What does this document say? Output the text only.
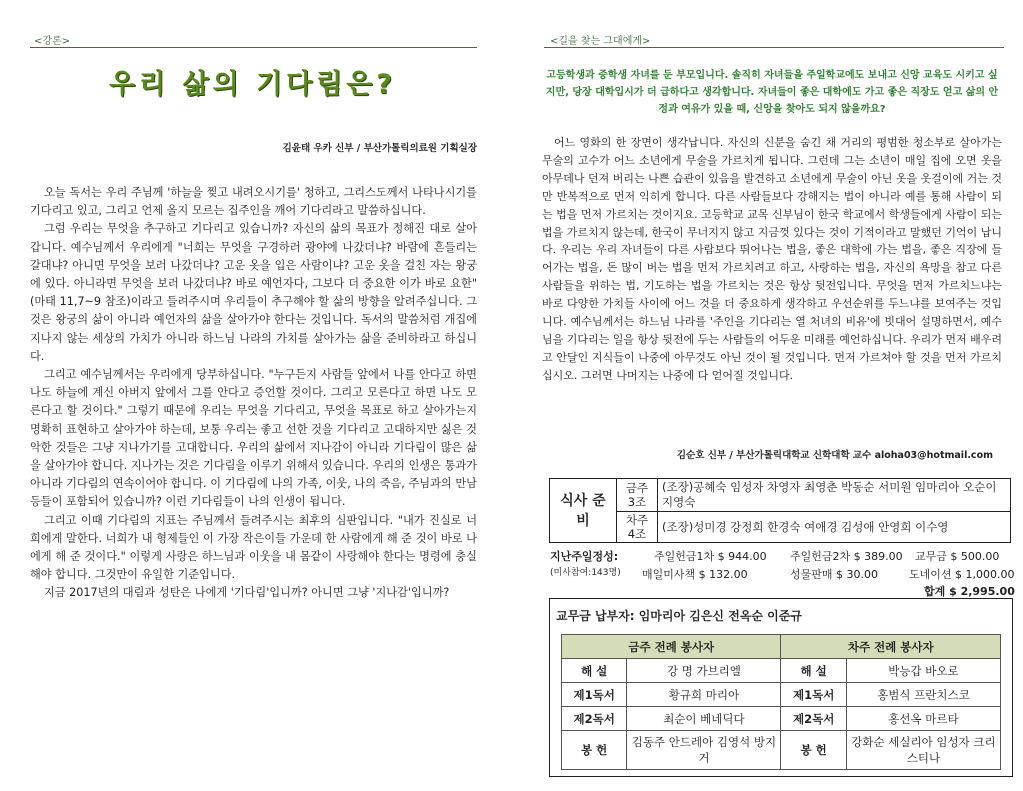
<강론>
우리 삶의 기다림은?
김윤태 우카 신부 / 부산가톨릭의료원 기획실장

오늘 독서는 우리 주님께 '하늘을 찢고 내려오시기를' 청하고, 그리스도께서 나타나시기를 기다리고 있고, 그리고 언제 올지 모르는 집주인을 깨어 기다리라고 말씀하십니다.

그럼 우리는 무엇을 추구하고 기다리고 있습니까? 자신의 삶의 목표가 정해진 대로 살아갑니다. 예수님께서 우리에게 "너희는 무엇을 구경하러 광야에 나갔더냐? 바람에 흔들리는 갈대냐? 아니면 무엇을 보러 나갔더냐? 고운 옷을 입은 사람이냐? 고운 옷을 걸친 자는 왕궁에 있다. 아니라면 무엇을 보러 나갔더냐? 바로 예언자다, 그보다 더 중요한 이가 바로 요한"(마태 11,7~9 참조)이라고 들려주시며 우리들이 추구해야 할 삶의 방향을 알려주십니다. 그것은 왕궁의 삶이 아니라 예언자의 삶을 살아가야 한다는 것입니다. 독서의 말씀처럼 개집에 지나지 않는 세상의 가치가 아니라 하느님 나라의 가치를 살아가는 삶을 준비하라고 하십니다.

그리고 예수님께서는 우리에게 당부하십니다. "누구든지 사람들 앞에서 나를 안다고 하면 나도 하늘에 계신 아버지 앞에서 그를 안다고 증언할 것이다. 그리고 모른다고 하면 나도 모른다고 할 것이다." 그렇기 때문에 우리는 무엇을 기다리고, 무엇을 목표로 하고 살아가는지 명확히 표현하고 살아가야 하는데, 보통 우리는 좋고 선한 것을 기다리고 고대하지만 싫은 것 악한 것들은 그냥 지나가기를 고대합니다. 우리의 삶에서 지나감이 아니라 기다림이 많은 삶을 살아가야 합니다. 지나가는 것은 기다림을 이루기 위해서 있습니다. 우리의 인생은 통과가 아니라 기다림의 연속이어야 합니다. 이 기다림에 나의 가족, 이웃, 나의 죽음, 주님과의 만남 등들이 포함되어 있습니까? 이런 기다림들이 나의 인생이 됩니다.

그리고 이때 기다림의 지표는 주님께서 들려주시는 최후의 심판입니다. "내가 진실로 너희에게 말한다. 너희가 내 형제들인 이 가장 작은이들 가운데 한 사람에게 해 준 것이 바로 나에게 해 준 것이다." 이렇게 사랑은 하느님과 이웃을 내 몸같이 사랑해야 한다는 명령에 충실해야 합니다. 그것만이 유일한 기준입니다.

지금 2017년의 대림과 성탄은 나에게 '기다림'입니까? 아니면 그냥 '지나감'입니까?

<길을 찾는 그대에게>
고등학생과 중학생 자녀를 둔 부모입니다. 솔직히 자녀들을 주일학교에도 보내고 신앙 교육도 시키고 싶지만, 당장 대학입시가 더 급하다고 생각합니다. 자녀들이 좋은 대학에도 가고 좋은 직장도 얻고 삶의 안정과 여유가 있을 때, 신앙을 찾아도 되지 않을까요?
어느 영화의 한 장면이 생각납니다. 자신의 신분을 숨긴 채 거리의 평범한 청소부로 살아가는 무술의 고수가 어느 소년에게 무술을 가르치게 됩니다. 그런데 그는 소년이 매일 집에 오면 옷을 아무데나 던져 버리는 나쁜 습관이 있음을 발견하고 소년에게 무술이 아닌 옷을 옷걸이에 거는 것만 반복적으로 먼저 익히게 합니다. 다른 사람들보다 강해지는 법이 아니라 예를 통해 사람이 되는 법을 먼저 가르치는 것이지요. 고등학교 교목 신부님이 한국 학교에서 학생들에게 사람이 되는 법을 가르치지 않는데, 한국이 무너지지 않고 지금껏 있다는 것이 기적이라고 말했던 기억이 납니다. 우리는 우리 자녀들이 다른 사람보다 뛰어나는 법을, 좋은 대학에 가는 법을, 좋은 직장에 들어가는 법을, 돈 많이 버는 법을 먼저 가르치려고 하고, 사랑하는 법을, 자신의 욕망을 참고 다른 사람들을 위하는 법, 기도하는 법을 가르치는 것은 항상 뒷전입니다. 무엇을 먼저 가르치느냐는 바로 다양한 가치들 사이에 어느 것을 더 중요하게 생각하고 우선순위를 두느냐를 보여주는 것입니다. 예수님께서는 하느님 나라를 '주인을 기다리는 열 처녀의 비유'에 빗대어 설명하면서, 예수님을 기다리는 일을 항상 뒷전에 두는 사람들의 어두운 미래를 예언하십니다. 우리가 먼저 배우려고 안달인 지식들이 나중에 아무것도 아닌 것이 될 것입니다. 먼저 가르쳐야 할 것을 먼저 가르치십시오. 그러면 나머지는 나중에 다 얻어질 것입니다.
김순호 신부 / 부산가톨릭대학교 신학대학 교수 aloha03@hotmail.com
식사 준비	금주 3조	(조장)공혜숙 임성자 차영자 최영춘 박동순 서미원 임마리아 오순이 지영숙
	차주 4조	(조장)성미경 강정희 한경숙 여애경 김성애 안영희 이수영
지난주일정성:
(미사참여:143명)
주일헌금1차 $ 944.00 주일헌금2차 $ 389.00 교무금 $ 500.00
매일미사책 $ 132.00	성물판매 $ 30.00	도네이션 $ 1,000.00
합계 $ 2,995.00
교무금 납부자: 임마리아 김은신 전옥순 이준규
금주 전례 봉사자		차주 전례 봉사자	
해 설	강 명 가브리엘	해 설	박능갑 바오로
제1독서	황규희 마리아	제1독서	홍범식 프란치스코
제2독서	최순이 베네딕다	제2독서	홍선옥 마르타
봉 헌	김동주 안드레아 김영석 방지거	봉 헌	강화순 세실리아 임성자 크리스티나
